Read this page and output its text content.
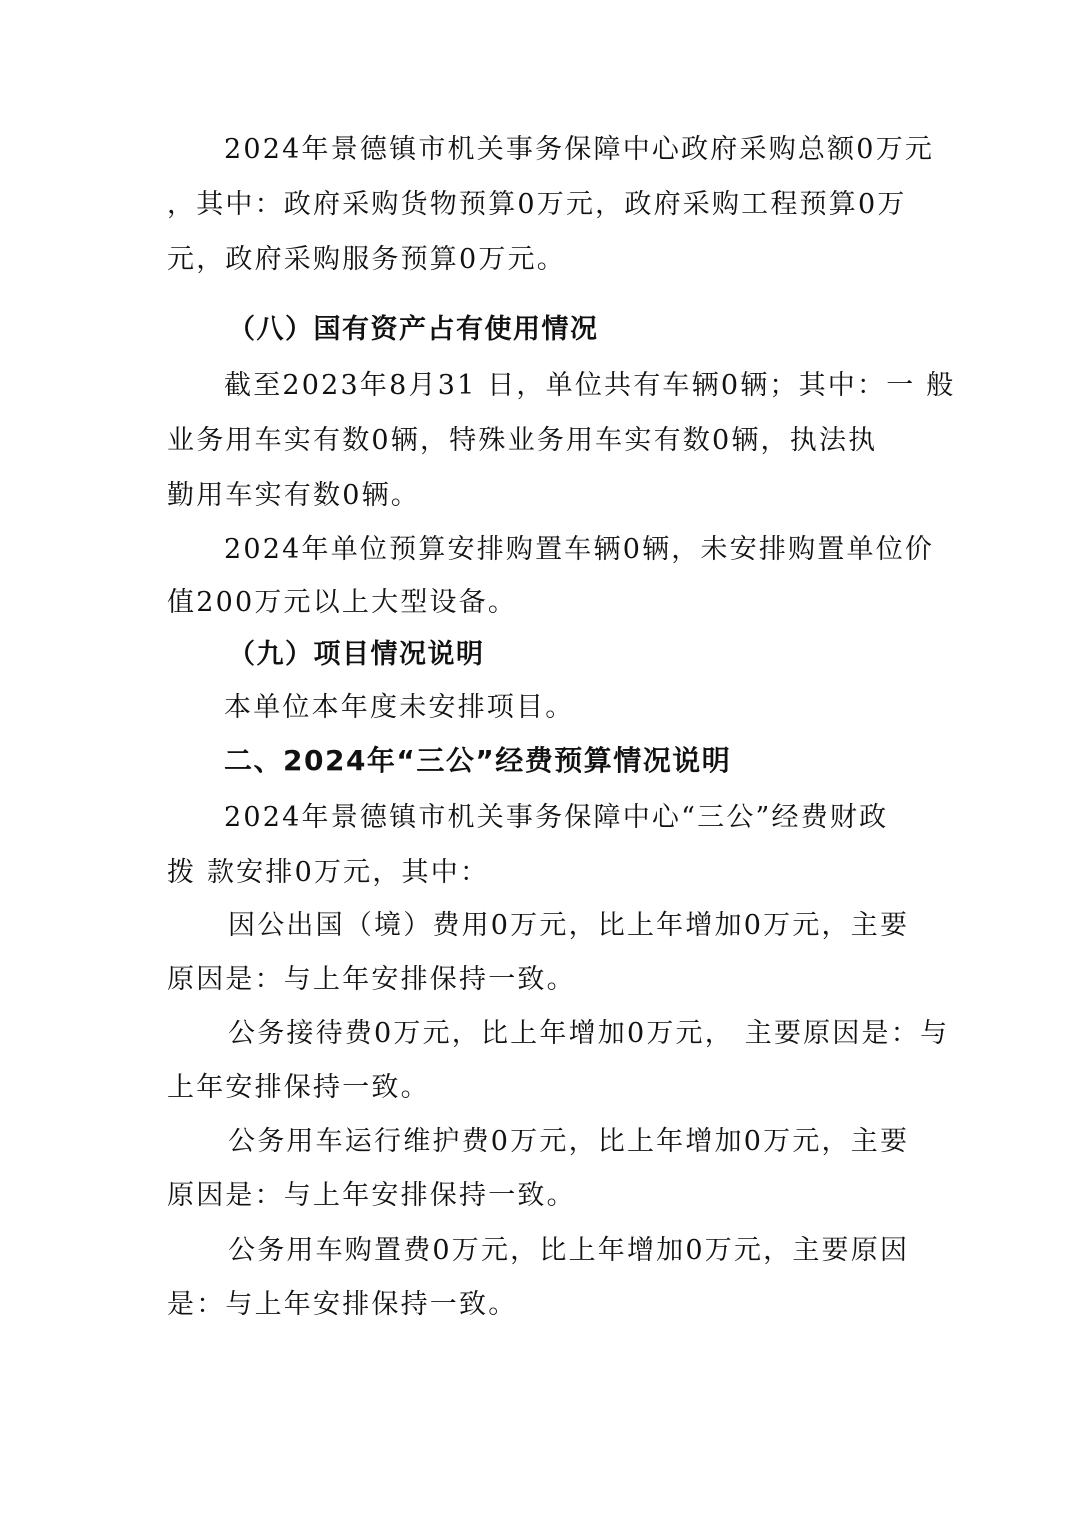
2024年景德镇市机关事务保障中心政府采购总额0万元
，其中：政府采购货物预算0万元，政府采购工程预算0万
元，政府采购服务预算0万元。
（八）国有资产占有使用情况
截至2023年8月31 日，单位共有车辆0辆；其中：一 般
业务用车实有数0辆，特殊业务用车实有数0辆，执法执
勤用车实有数0辆。
2024年单位预算安排购置车辆0辆，未安排购置单位价
值200万元以上大型设备。
（九）项目情况说明
本单位本年度未安排项目。
二、2024年“三公”经费预算情况说明
2024年景德镇市机关事务保障中心“三公”经费财政
拨 款安排0万元，其中：
因公出国（境）费用0万元，比上年增加0万元，主要
原因是：与上年安排保持一致。
公务接待费0万元，比上年增加0万元， 主要原因是：与
上年安排保持一致。
公务用车运行维护费0万元，比上年增加0万元，主要
原因是：与上年安排保持一致。
公务用车购置费0万元，比上年增加0万元，主要原因
是：与上年安排保持一致。
